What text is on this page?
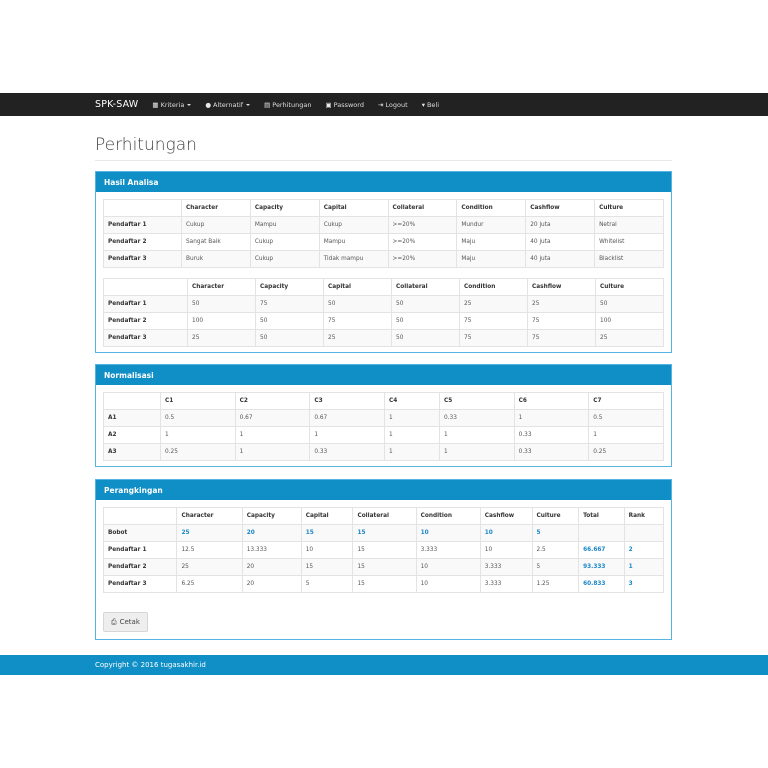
SPK-SAW ▦ Kriteria	● Alternatif	▤ Perhitungan ▣ Password ⇥ Logout ▾ Beli
Perhitungan
Hasil Analisa
	Character	Capacity	Capital	Collateral	Condition	Cashflow	Culture
Pendaftar 1	Cukup	Mampu	Cukup	>=20%	Mundur	20 juta	Netral
Pendaftar 2	Sangat Baik	Cukup	Mampu	>=20%	Maju	40 juta	Whitelist
Pendaftar 3	Buruk	Cukup	Tidak mampu	>=20%	Maju	40 juta	Blacklist
	Character	Capacity	Capital	Collateral	Condition	Cashflow	Culture
Pendaftar 1	50	75	50	50	25	25	50
Pendaftar 2	100	50	75	50	75	75	100
Pendaftar 3	25	50	25	50	75	75	25
Normalisasi
	C1	C2	C3	C4	C5	C6	C7
A1	0.5	0.67	0.67	1	0.33	1	0.5
A2	1	1	1	1	1	0.33	1
A3	0.25	1	0.33	1	1	0.33	0.25
Perangkingan
	Character	Capacity	Capital	Collateral	Condition	Cashflow	Culture	Total	Rank
Bobot	25	20	15	15	10	10	5		
Pendaftar 1	12.5	13.333	10	15	3.333	10	2.5	66.667	2
Pendaftar 2	25	20	15	15	10	3.333	5	93.333	1
Pendaftar 3	6.25	20	5	15	10	3.333	1.25	60.833	3
⎙ Cetak
Copyright © 2016 tugasakhir.id
